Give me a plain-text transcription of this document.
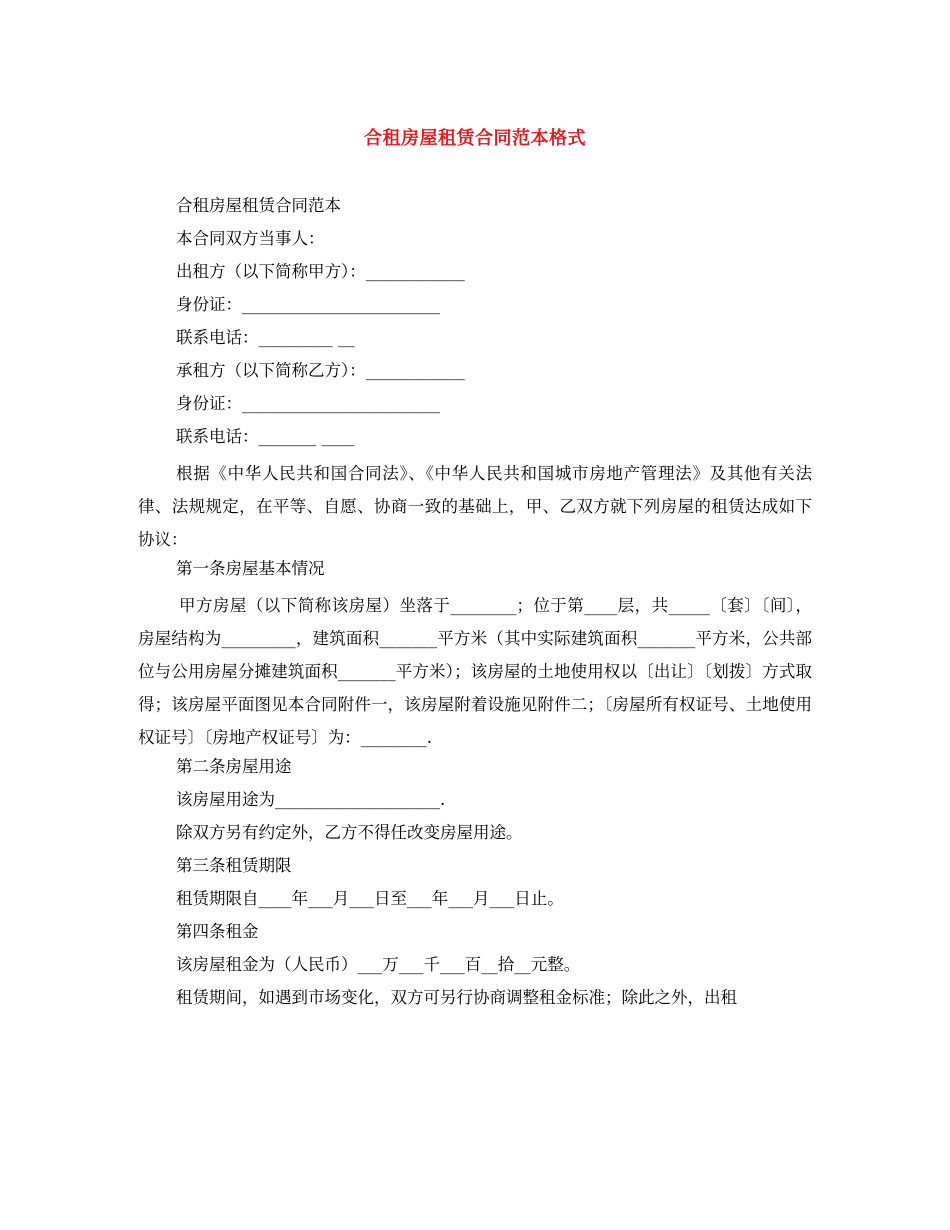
合租房屋租赁合同范本格式
合租房屋租赁合同范本
本合同双方当事人：
出租方（以下简称甲方）：____________
身份证：________________________
联系电话：_________ __
承租方（以下简称乙方）：____________
身份证：________________________
联系电话：_______ ____
根据《中华人民共和国合同法》、《中华人民共和国城市房地产管理法》及其他有关法律、法规规定，在平等、自愿、协商一致的基础上，甲、乙双方就下列房屋的租赁达成如下协议：
第一条房屋基本情况
甲方房屋（以下简称该房屋）坐落于________；位于第____层，共_____〔套〕〔间〕，房屋结构为_________，建筑面积_______平方米（其中实际建筑面积_______平方米，公共部位与公用房屋分摊建筑面积_______平方米）；该房屋的土地使用权以〔出让〕〔划拨〕方式取得；该房屋平面图见本合同附件一，该房屋附着设施见附件二；〔房屋所有权证号、土地使用权证号〕〔房地产权证号〕为：________.
第二条房屋用途
该房屋用途为____________________.
除双方另有约定外，乙方不得任改变房屋用途。
第三条租赁期限
租赁期限自____年___月___日至___年___月___日止。
第四条租金
该房屋租金为（人民币）___万___千___百__拾__元整。
租赁期间，如遇到市场变化，双方可另行协商调整租金标准；除此之外，出租
